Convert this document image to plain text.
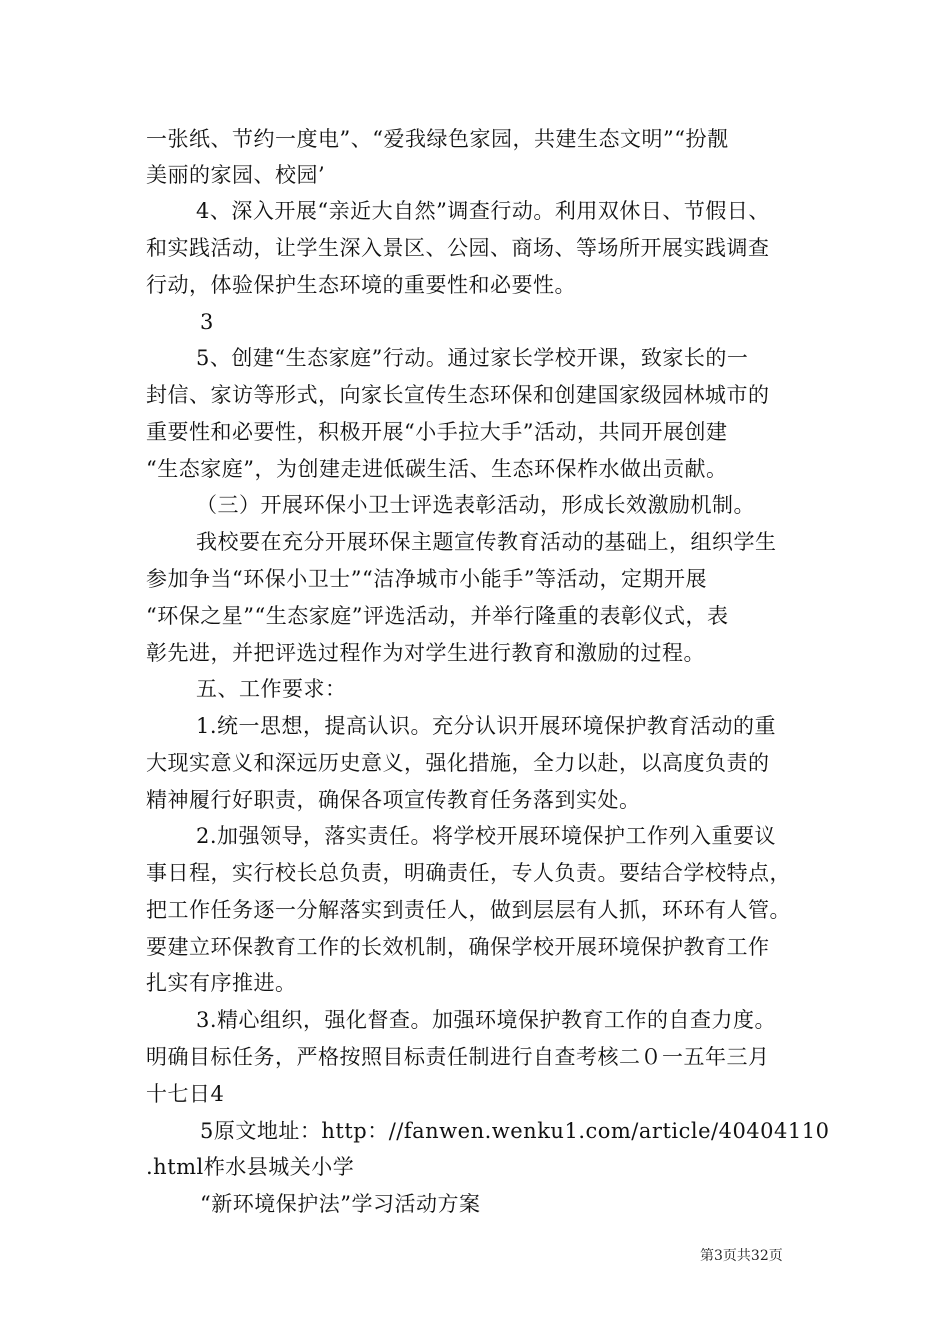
一张纸、节约一度电”、“爱我绿色家园，共建生态文明”“扮靓
美丽的家园、校园’
4、深入开展“亲近大自然”调查行动。利用双休日、节假日、
和实践活动，让学生深入景区、公园、商场、等场所开展实践调查
行动，体验保护生态环境的重要性和必要性。
3
5、创建“生态家庭”行动。通过家长学校开课，致家长的一
封信、家访等形式，向家长宣传生态环保和创建国家级园林城市的
重要性和必要性，积极开展“小手拉大手”活动，共同开展创建
“生态家庭”，为创建走进低碳生活、生态环保柞水做出贡献。
（三）开展环保小卫士评选表彰活动，形成长效激励机制。
我校要在充分开展环保主题宣传教育活动的基础上，组织学生
参加争当“环保小卫士”“洁净城市小能手”等活动，定期开展
“环保之星”“生态家庭”评选活动，并举行隆重的表彰仪式，表
彰先进，并把评选过程作为对学生进行教育和激励的过程。
五、工作要求：
1.统一思想，提高认识。充分认识开展环境保护教育活动的重
大现实意义和深远历史意义，强化措施，全力以赴，以高度负责的
精神履行好职责，确保各项宣传教育任务落到实处。
2.加强领导，落实责任。将学校开展环境保护工作列入重要议
事日程，实行校长总负责，明确责任，专人负责。要结合学校特点，
把工作任务逐一分解落实到责任人，做到层层有人抓，环环有人管。
要建立环保教育工作的长效机制，确保学校开展环境保护教育工作
扎实有序推进。
3.精心组织，强化督查。加强环境保护教育工作的自查力度。
明确目标任务，严格按照目标责任制进行自查考核二０一五年三月
十七日4
5原文地址：http：//fanwen.wenku1.com/article/40404110
.html柞水县城关小学
“新环境保护法”学习活动方案
第3页共32页
